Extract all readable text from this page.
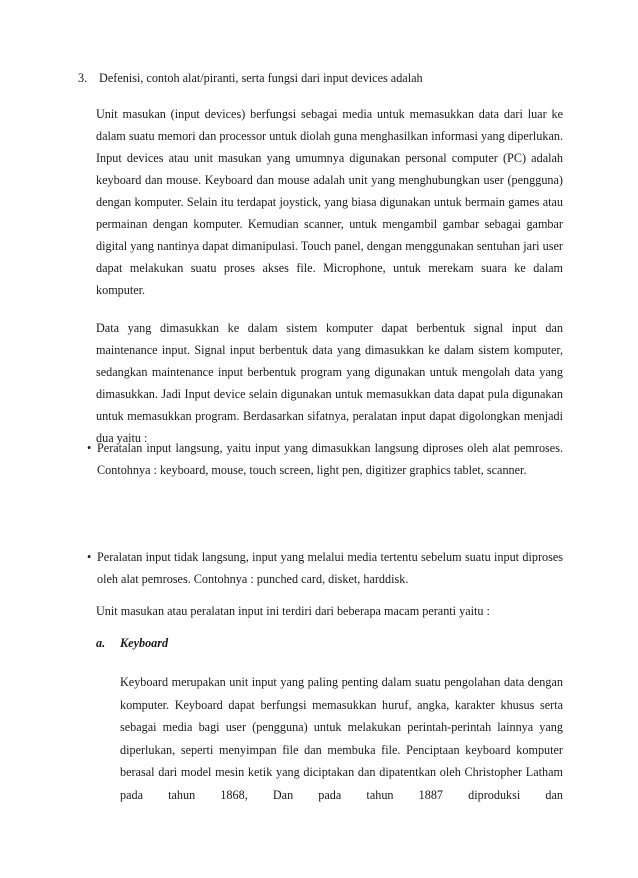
3. Defenisi, contoh alat/piranti, serta fungsi dari input devices adalah

Unit masukan (input devices) berfungsi sebagai media untuk memasukkan data dari luar ke dalam suatu memori dan processor untuk diolah guna menghasilkan informasi yang diperlukan. Input devices atau unit masukan yang umumnya digunakan personal computer (PC) adalah keyboard dan mouse. Keyboard dan mouse adalah unit yang menghubungkan user (pengguna) dengan komputer. Selain itu terdapat joystick, yang biasa digunakan untuk bermain games atau permainan dengan komputer. Kemudian scanner, untuk mengambil gambar sebagai gambar digital yang nantinya dapat dimanipulasi. Touch panel, dengan menggunakan sentuhan jari user dapat melakukan suatu proses akses file. Microphone, untuk merekam suara ke dalam komputer.

Data yang dimasukkan ke dalam sistem komputer dapat berbentuk signal input dan maintenance input. Signal input berbentuk data yang dimasukkan ke dalam sistem komputer, sedangkan maintenance input berbentuk program yang digunakan untuk mengolah data yang dimasukkan. Jadi Input device selain digunakan untuk memasukkan data dapat pula digunakan untuk memasukkan program. Berdasarkan sifatnya, peralatan input dapat digolongkan menjadi dua yaitu :

• Peratalan input langsung, yaitu input yang dimasukkan langsung diproses oleh alat pemroses. Contohnya : keyboard, mouse, touch screen, light pen, digitizer graphics tablet, scanner.
• Peralatan input tidak langsung, input yang melalui media tertentu sebelum suatu input diproses oleh alat pemroses. Contohnya : punched card, disket, harddisk.
Unit masukan atau peralatan input ini terdiri dari beberapa macam peranti yaitu :
a. Keyboard

Keyboard merupakan unit input yang paling penting dalam suatu pengolahan data dengan komputer. Keyboard dapat berfungsi memasukkan huruf, angka, karakter khusus serta sebagai media bagi user (pengguna) untuk melakukan perintah-perintah lainnya yang diperlukan, seperti menyimpan file dan membuka file. Penciptaan keyboard komputer berasal dari model mesin ketik yang diciptakan dan dipatentkan oleh Christopher Latham pada tahun 1868, Dan pada tahun 1887 diproduksi dan
